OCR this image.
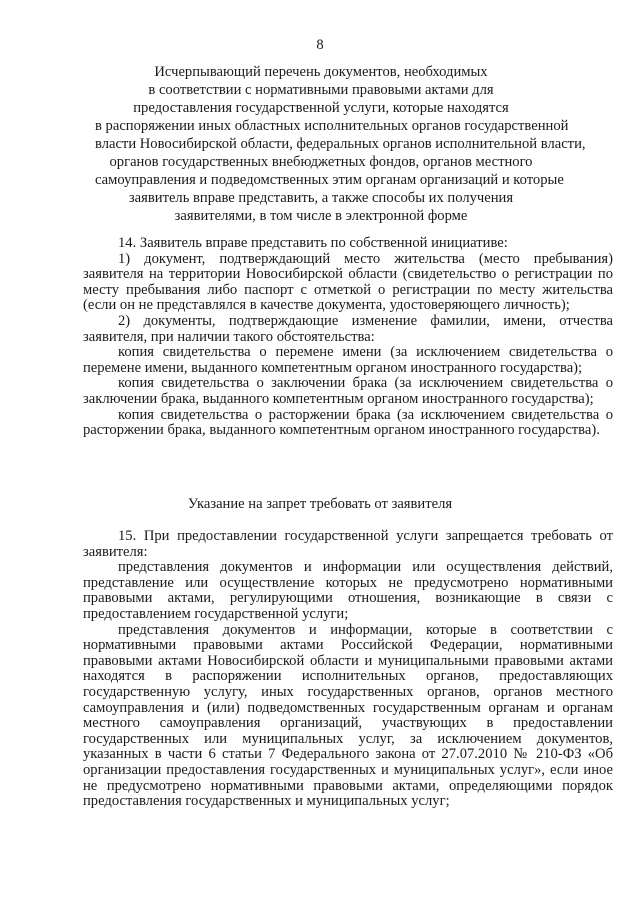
8
Исчерпывающий перечень документов, необходимых
в соответствии с нормативными правовыми актами для
предоставления государственной услуги, которые находятся
в распоряжении иных областных исполнительных органов государственной
власти Новосибирской области, федеральных органов исполнительной власти,
органов государственных внебюджетных фондов, органов местного
самоуправления и подведомственных этим органам организаций и которые
заявитель вправе представить, а также способы их получения
заявителями, в том числе в электронной форме
14. Заявитель вправе представить по собственной инициативе:
1) документ, подтверждающий место жительства (место пребывания) заявителя на территории Новосибирской области (свидетельство о регистрации по месту пребывания либо паспорт с отметкой о регистрации по месту жительства (если он не представлялся в качестве документа, удостоверяющего личность);
2) документы, подтверждающие изменение фамилии, имени, отчества заявителя, при наличии такого обстоятельства:
копия свидетельства о перемене имени (за исключением свидетельства о перемене имени, выданного компетентным органом иностранного государства);
копия свидетельства о заключении брака (за исключением свидетельства о заключении брака, выданного компетентным органом иностранного государства);
копия свидетельства о расторжении брака (за исключением свидетельства о расторжении брака, выданного компетентным органом иностранного государства).
Указание на запрет требовать от заявителя
15. При предоставлении государственной услуги запрещается требовать от заявителя:
представления документов и информации или осуществления действий, представление или осуществление которых не предусмотрено нормативными правовыми актами, регулирующими отношения, возникающие в связи с предоставлением государственной услуги;
представления документов и информации, которые в соответствии с нормативными правовыми актами Российской Федерации, нормативными правовыми актами Новосибирской области и муниципальными правовыми актами находятся в распоряжении исполнительных органов, предоставляющих государственную услугу, иных государственных органов, органов местного самоуправления и (или) подведомственных государственным органам и органам местного самоуправления организаций, участвующих в предоставлении государственных или муниципальных услуг, за исключением документов, указанных в части 6 статьи 7 Федерального закона от 27.07.2010 № 210-ФЗ «Об организации предоставления государственных и муниципальных услуг», если иное не предусмотрено нормативными правовыми актами, определяющими порядок предоставления государственных и муниципальных услуг;
